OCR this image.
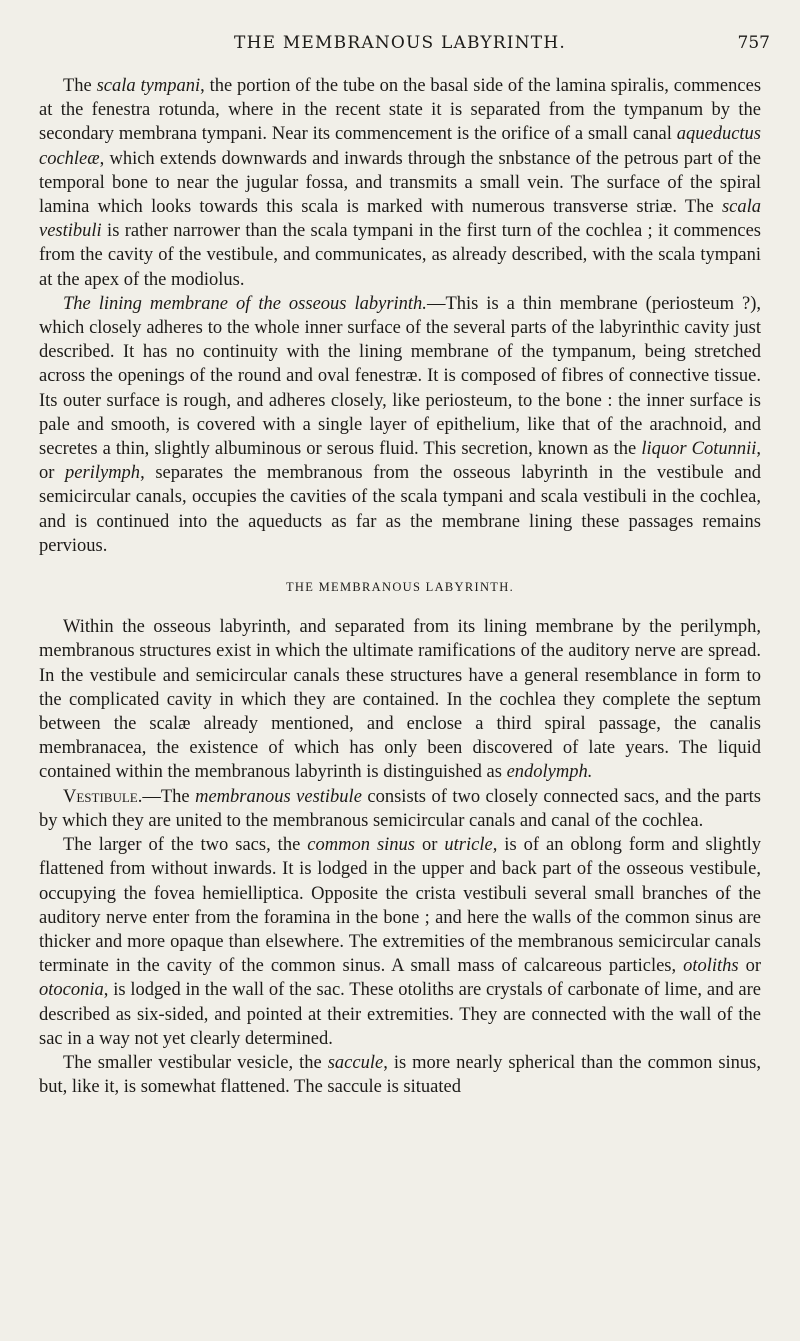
THE MEMBRANOUS LABYRINTH.	757

The scala tympani, the portion of the tube on the basal side of the lamina spiralis, commences at the fenestra rotunda, where in the recent state it is separated from the tympanum by the secondary membrana tympani. Near its commencement is the orifice of a small canal aqueductus cochleæ, which extends downwards and inwards through the snbstance of the petrous part of the temporal bone to near the jugular fossa, and transmits a small vein. The surface of the spiral lamina which looks towards this scala is marked with numerous transverse striæ. The scala vestibuli is rather narrower than the scala tympani in the first turn of the cochlea ; it commences from the cavity of the vestibule, and communicates, as already described, with the scala tympani at the apex of the modiolus.

The lining membrane of the osseous labyrinth.—This is a thin membrane (periosteum ?), which closely adheres to the whole inner surface of the several parts of the labyrinthic cavity just described. It has no continuity with the lining membrane of the tympanum, being stretched across the openings of the round and oval fenestræ. It is composed of fibres of connective tissue. Its outer surface is rough, and adheres closely, like periosteum, to the bone : the inner surface is pale and smooth, is covered with a single layer of epithelium, like that of the arachnoid, and secretes a thin, slightly albuminous or serous fluid. This secretion, known as the liquor Cotunnii, or perilymph, separates the membranous from the osseous labyrinth in the vestibule and semicircular canals, occupies the cavities of the scala tympani and scala vestibuli in the cochlea, and is continued into the aqueducts as far as the membrane lining these passages remains pervious.

THE MEMBRANOUS LABYRINTH.

Within the osseous labyrinth, and separated from its lining membrane by the perilymph, membranous structures exist in which the ultimate ramifications of the auditory nerve are spread. In the vestibule and semicircular canals these structures have a general resemblance in form to the complicated cavity in which they are contained. In the cochlea they complete the septum between the scalæ already mentioned, and enclose a third spiral passage, the canalis membranacea, the existence of which has only been discovered of late years. The liquid contained within the membranous labyrinth is distinguished as endolymph.

Vestibule.—The membranous vestibule consists of two closely connected sacs, and the parts by which they are united to the membranous semicircular canals and canal of the cochlea.

The larger of the two sacs, the common sinus or utricle, is of an oblong form and slightly flattened from without inwards. It is lodged in the upper and back part of the osseous vestibule, occupying the fovea hemielliptica. Opposite the crista vestibuli several small branches of the auditory nerve enter from the foramina in the bone ; and here the walls of the common sinus are thicker and more opaque than elsewhere. The extremities of the membranous semicircular canals terminate in the cavity of the common sinus. A small mass of calcareous particles, otoliths or otoconia, is lodged in the wall of the sac. These otoliths are crystals of carbonate of lime, and are described as six-sided, and pointed at their extremities. They are connected with the wall of the sac in a way not yet clearly determined.

The smaller vestibular vesicle, the saccule, is more nearly spherical than the common sinus, but, like it, is somewhat flattened. The saccule is situated
